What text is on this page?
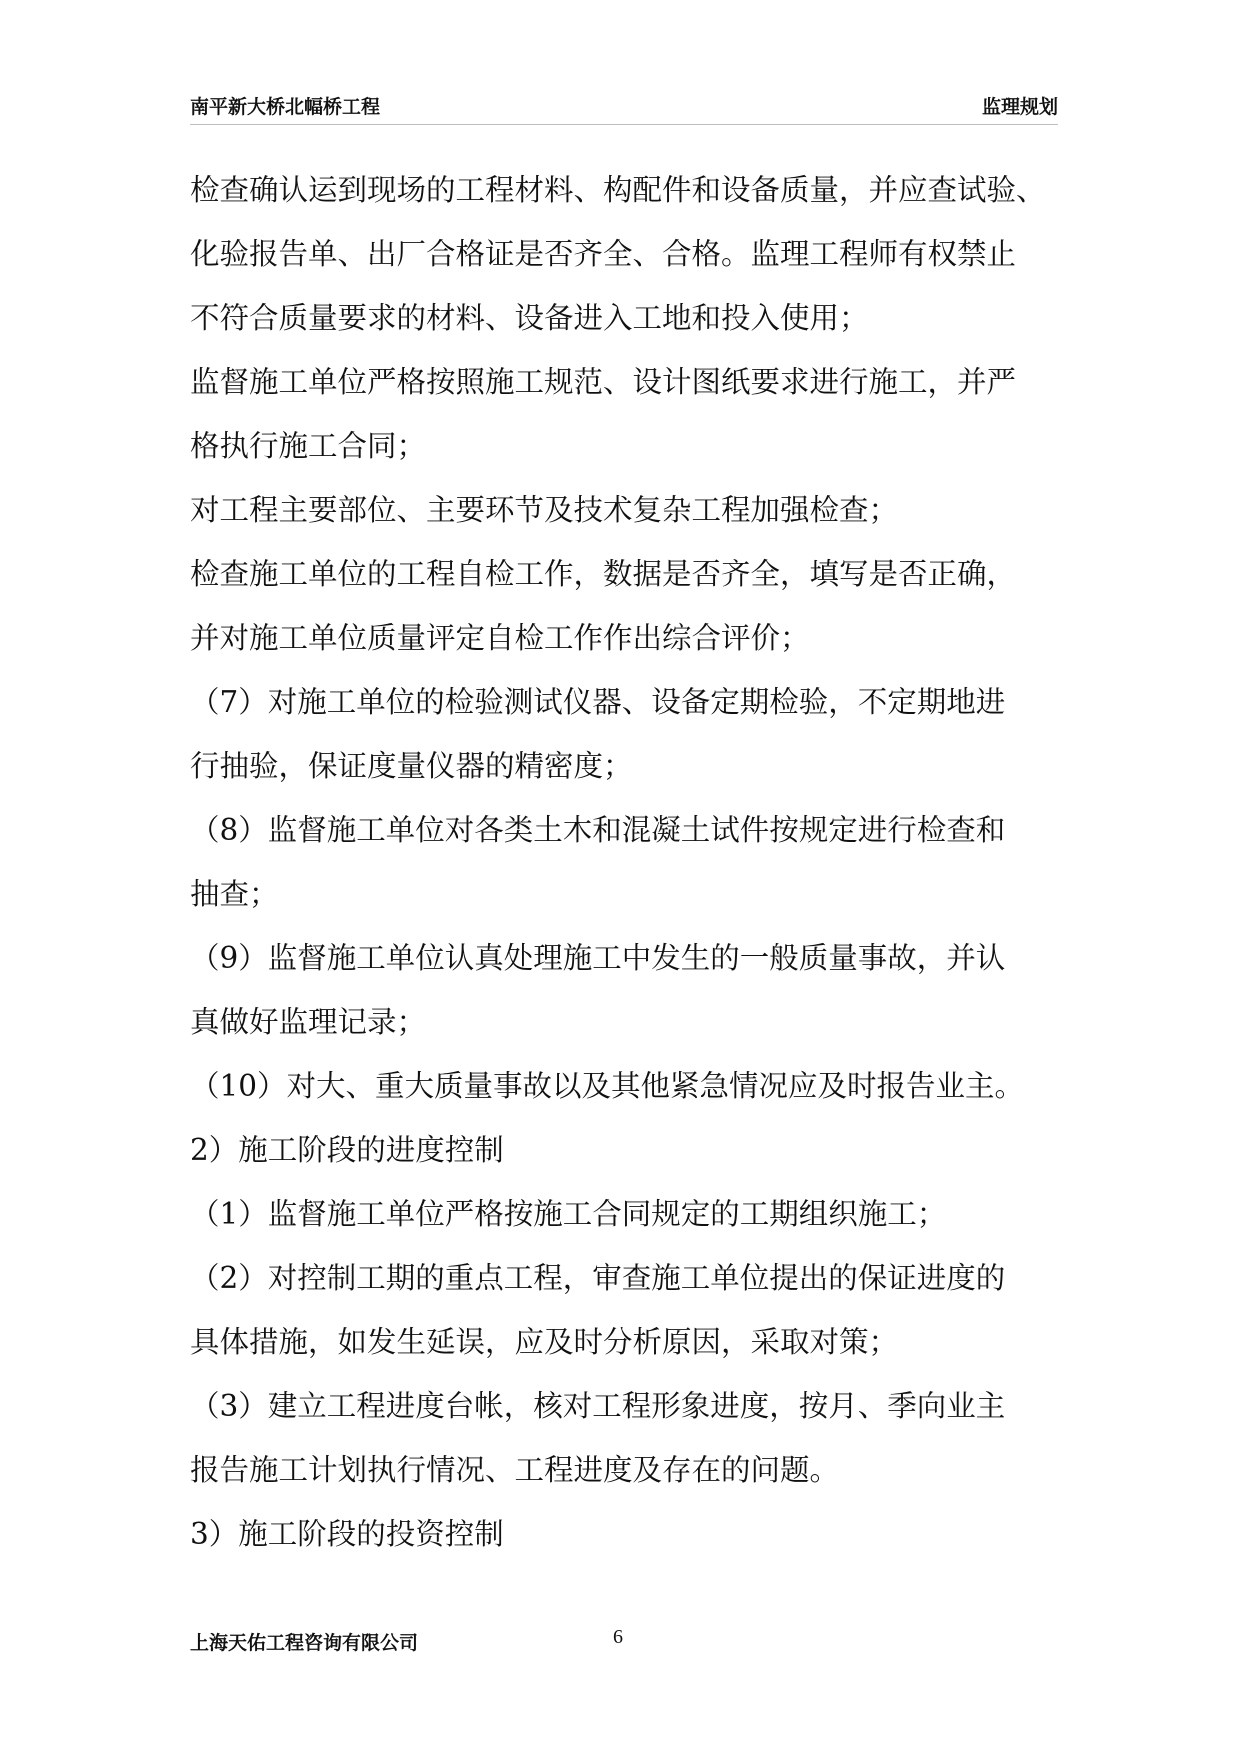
南平新大桥北幅桥工程	监理规划
检查确认运到现场的工程材料、构配件和设备质量，并应查试验、
化验报告单、出厂合格证是否齐全、合格。监理工程师有权禁止
不符合质量要求的材料、设备进入工地和投入使用；
监督施工单位严格按照施工规范、设计图纸要求进行施工，并严
格执行施工合同；
对工程主要部位、主要环节及技术复杂工程加强检查；
检查施工单位的工程自检工作，数据是否齐全，填写是否正确，
并对施工单位质量评定自检工作作出综合评价；
（7）对施工单位的检验测试仪器、设备定期检验，不定期地进
行抽验，保证度量仪器的精密度；
（8）监督施工单位对各类土木和混凝土试件按规定进行检查和
抽查；
（9）监督施工单位认真处理施工中发生的一般质量事故，并认
真做好监理记录；
（10）对大、重大质量事故以及其他紧急情况应及时报告业主。
2）施工阶段的进度控制
（1）监督施工单位严格按施工合同规定的工期组织施工；
（2）对控制工期的重点工程，审查施工单位提出的保证进度的
具体措施，如发生延误，应及时分析原因，采取对策；
（3）建立工程进度台帐，核对工程形象进度，按月、季向业主
报告施工计划执行情况、工程进度及存在的问题。
3）施工阶段的投资控制
上海天佑工程咨询有限公司	6
